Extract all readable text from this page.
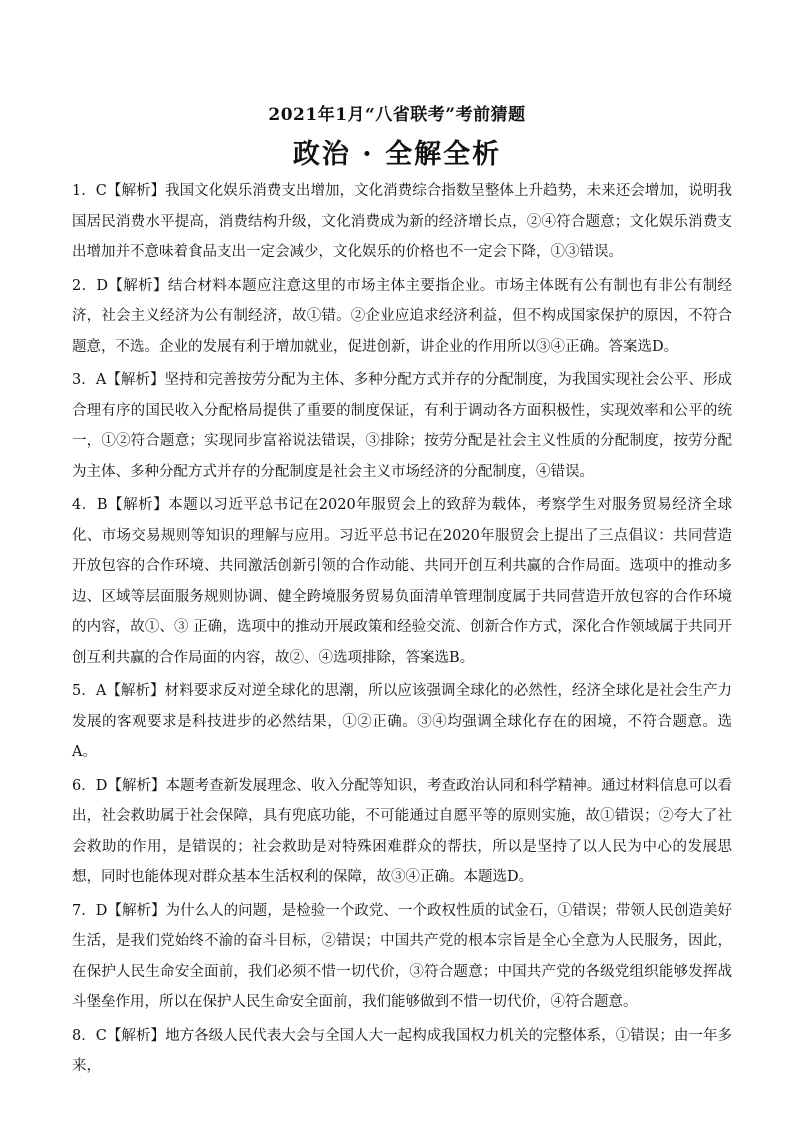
2021年1月“八省联考”考前猜题
政治 · 全解全析

1．C【解析】我国文化娱乐消费支出增加，文化消费综合指数呈整体上升趋势，未来还会增加，说明我国居民消费水平提高，消费结构升级，文化消费成为新的经济增长点，②④符合题意；文化娱乐消费支出增加并不意味着食品支出一定会减少，文化娱乐的价格也不一定会下降，①③错误。

2．D【解析】结合材料本题应注意这里的市场主体主要指企业。市场主体既有公有制也有非公有制经济，社会主义经济为公有制经济，故①错。②企业应追求经济利益，但不构成国家保护的原因，不符合题意，不选。企业的发展有利于增加就业，促进创新，讲企业的作用所以③④正确。答案选D。

3．A【解析】坚持和完善按劳分配为主体、多种分配方式并存的分配制度，为我国实现社会公平、形成合理有序的国民收入分配格局提供了重要的制度保证，有利于调动各方面积极性，实现效率和公平的统一，①②符合题意；实现同步富裕说法错误，③排除；按劳分配是社会主义性质的分配制度，按劳分配为主体、多种分配方式并存的分配制度是社会主义市场经济的分配制度，④错误。

4．B【解析】本题以习近平总书记在2020年服贸会上的致辞为载体，考察学生对服务贸易经济全球化、市场交易规则等知识的理解与应用。习近平总书记在2020年服贸会上提出了三点倡议：共同营造开放包容的合作环境、共同激活创新引领的合作动能、共同开创互利共赢的合作局面。选项中的推动多边、区域等层面服务规则协调、健全跨境服务贸易负面清单管理制度属于共同营造开放包容的合作环境的内容，故①、③ 正确，选项中的推动开展政策和经验交流、创新合作方式，深化合作领域属于共同开创互利共赢的合作局面的内容，故②、④选项排除，答案选B。

5．A【解析】材料要求反对逆全球化的思潮，所以应该强调全球化的必然性，经济全球化是社会生产力发展的客观要求是科技进步的必然结果，①②正确。③④均强调全球化存在的困境，不符合题意。选A。

6．D【解析】本题考查新发展理念、收入分配等知识，考查政治认同和科学精神。通过材料信息可以看出，社会救助属于社会保障，具有兜底功能，不可能通过自愿平等的原则实施，故①错误；②夸大了社会救助的作用，是错误的；社会救助是对特殊困难群众的帮扶，所以是坚持了以人民为中心的发展思想，同时也能体现对群众基本生活权利的保障，故③④正确。本题选D。

7．D【解析】为什么人的问题，是检验一个政党、一个政权性质的试金石，①错误；带领人民创造美好生活，是我们党始终不渝的奋斗目标，②错误；中国共产党的根本宗旨是全心全意为人民服务，因此，在保护人民生命安全面前，我们必须不惜一切代价，③符合题意；中国共产党的各级党组织能够发挥战斗堡垒作用，所以在保护人民生命安全面前，我们能够做到不惜一切代价，④符合题意。

8．C【解析】地方各级人民代表大会与全国人大一起构成我国权力机关的完整体系，①错误；由一年多来，
